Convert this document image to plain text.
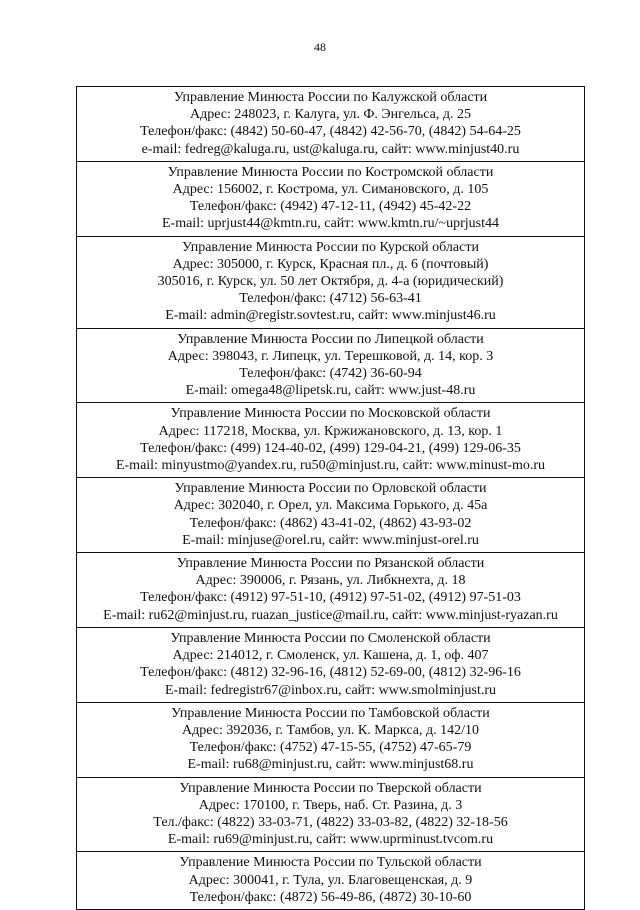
48
Управление Минюста России по Калужской области
Адрес: 248023, г. Калуга, ул. Ф. Энгельса, д. 25
Телефон/факс: (4842) 50-60-47, (4842) 42-56-70, (4842) 54-64-25
e-mail: fedreg@kaluga.ru, ust@kaluga.ru, сайт: www.minjust40.ru
Управление Минюста России по Костромской области
Адрес: 156002, г. Кострома, ул. Симановского, д. 105
Телефон/факс: (4942) 47-12-11, (4942) 45-42-22
E-mail: uprjust44@kmtn.ru, сайт: www.kmtn.ru/~uprjust44
Управление Минюста России по Курской области
Адрес: 305000, г. Курск, Красная пл., д. 6 (почтовый)
305016, г. Курск, ул. 50 лет Октября, д. 4-а (юридический)
Телефон/факс: (4712) 56-63-41
E-mail: admin@registr.sovtest.ru, сайт: www.minjust46.ru
Управление Минюста России по Липецкой области
Адрес: 398043, г. Липецк, ул. Терешковой, д. 14, кор. 3
Телефон/факс: (4742) 36-60-94
E-mail: omega48@lipetsk.ru, сайт: www.just-48.ru
Управление Минюста России по Московской области
Адрес: 117218, Москва, ул. Кржижановского, д. 13, кор. 1
Телефон/факс: (499) 124-40-02, (499) 129-04-21, (499) 129-06-35
E-mail: minyustmo@yandex.ru, ru50@minjust.ru, сайт: www.minust-mo.ru
Управление Минюста России по Орловской области
Адрес: 302040, г. Орел, ул. Максима Горького, д. 45а
Телефон/факс: (4862) 43-41-02, (4862) 43-93-02
E-mail: minjuse@orel.ru, сайт: www.minjust-orel.ru
Управление Минюста России по Рязанской области
Адрес: 390006, г. Рязань, ул. Либкнехта, д. 18
Телефон/факс: (4912) 97-51-10, (4912) 97-51-02, (4912) 97-51-03
E-mail: ru62@minjust.ru, ruazan_justice@mail.ru, сайт: www.minjust-ryazan.ru
Управление Минюста России по Смоленской области
Адрес: 214012, г. Смоленск, ул. Кашена, д. 1, оф. 407
Телефон/факс: (4812) 32-96-16, (4812) 52-69-00, (4812) 32-96-16
E-mail: fedregistr67@inbox.ru, сайт: www.smolminjust.ru
Управление Минюста России по Тамбовской области
Адрес: 392036, г. Тамбов, ул. К. Маркса, д. 142/10
Телефон/факс: (4752) 47-15-55, (4752) 47-65-79
E-mail: ru68@minjust.ru, сайт: www.minjust68.ru
Управление Минюста России по Тверской области
Адрес: 170100, г. Тверь, наб. Ст. Разина, д. 3
Тел./факс: (4822) 33-03-71, (4822) 33-03-82, (4822) 32-18-56
E-mail: ru69@minjust.ru, сайт: www.uprminust.tvcom.ru
Управление Минюста России по Тульской области
Адрес: 300041, г. Тула, ул. Благовещенская, д. 9
Телефон/факс: (4872) 56-49-86, (4872) 30-10-60
